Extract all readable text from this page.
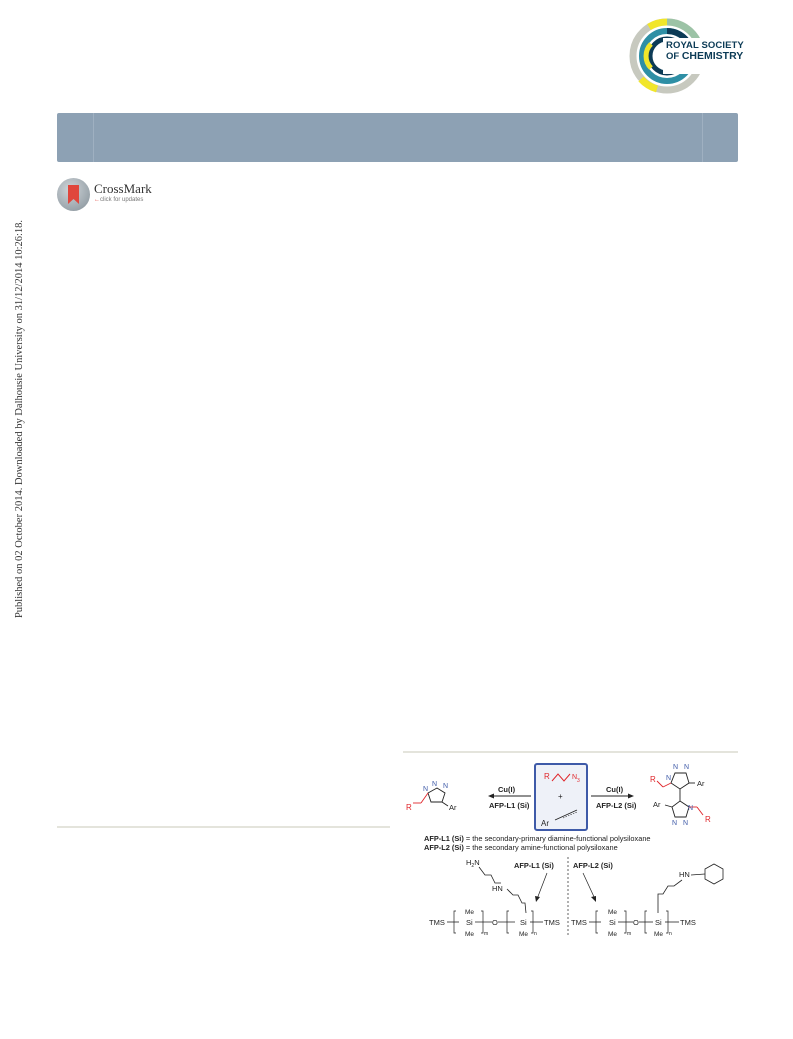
Published on 02 October 2014. Downloaded by Dalhousie University on 31/12/2014 10:26:18.
ROYAL SOCIETY
OF CHEMISTRY
CrossMark
←click for updates
R	N 3
+
Ar
Cu(I)
AFP-L1 (Si)
Cu(I)
AFP-L2 (Si)
N
N N
R	Ar
N N
N
N
N N
R
R
Ar
Ar
AFP-L1 (Si) = the secondary-primary diamine-functional polysiloxane
AFP-L2 (Si) = the secondary amine-functional polysiloxane
AFP-L1 (Si)	AFP-L2 (Si)
$H_2N$
HN
TMS	Si
Me
Me m
O	Si
Me n
TMS
HN
TMS	Si
Me
Me m
O Si
Me n
TMS
